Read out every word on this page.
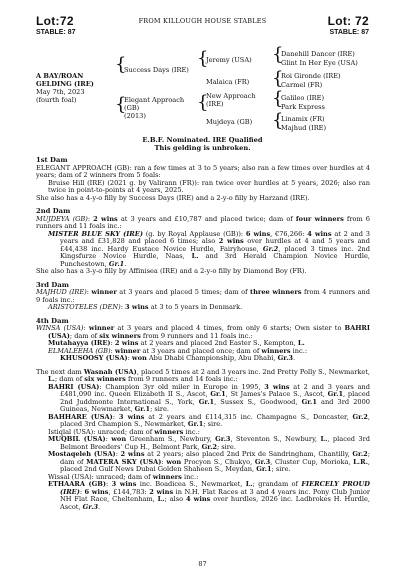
Lot:72	FROM KILLOUGH HOUSE STABLES	Lot: 72
STABLE: 87	STABLE: 87
A BAY/ROAN
GELDING (IRE)
May 7th, 2023
(fourth foal)
{
Success Days (IRE)
{
Elegant Approach
(GB)
(2013)
{
Jeremy (USA)
Malaica (FR)
{
New Approach
(IRE)
Mujdeya (GB)
{
{
{
{
Danehill Dancer (IRE)
Glint In Her Eye (USA)
Roi Gironde (IRE)
Carmel (FR)
Galileo (IRE)
Park Express
Linamix (FR)
Majhud (IRE)
E.B.F. Nominated. IRE Qualified
This gelding is unbroken.
1st Dam

ELEGANT APPROACH (GB): ran a few times at 3 to 5 years; also ran a few times over hurdles at 4 years; dam of 2 winners from 5 foals:

Bruise Hill (IRE) (2021 g. by Valirann (FR)): ran twice over hurdles at 5 years, 2026; also ran twice in point-to-points at 4 years, 2025.

She also has a 4-y-o filly by Success Days (IRE) and a 2-y-o filly by Harzand (IRE).

2nd Dam

MUJDEYA (GB): 2 wins at 3 years and £10,787 and placed twice; dam of four winners from 6 runners and 11 foals inc.:

MISTER BLUE SKY (IRE) (g. by Royal Applause (GB)): 6 wins, €76,266: 4 wins at 2 and 3 years and £31,828 and placed 6 times; also 2 wins over hurdles at 4 and 5 years and £44,438 inc. Hardy Eustace Novice Hurdle, Fairyhouse, Gr.2, placed 3 times inc. 2nd Kingsfurze Novice Hurdle, Naas, L. and 3rd Herald Champion Novice Hurdle, Punchestown, Gr.1.

She also has a 3-y-o filly by Affinisea (IRE) and a 2-y-o filly by Diamond Boy (FR).

3rd Dam

MAJHUD (IRE): winner at 3 years and placed 5 times; dam of three winners from 4 runners and 9 foals inc.:

ARISTOTELES (DEN): 3 wins at 3 to 5 years in Denmark.

4th Dam

WINSA (USA): winner at 3 years and placed 4 times, from only 6 starts; Own sister to BAHRI (USA); dam of six winners from 9 runners and 11 foals inc.:

Mutahayya (IRE): 2 wins at 2 years and placed 2nd Easter S., Kempton, L.

ELMALEEHA (GB): winner at 3 years and placed once; dam of winners inc.:

KHUSOOSY (USA): won Abu Dhabi Championship, Abu Dhabi, Gr.3.

The next dam Wasnah (USA), placed 5 times at 2 and 3 years inc. 2nd Pretty Polly S., Newmarket, L.; dam of six winners from 9 runners and 14 foals inc.:

BAHRI (USA): Champion 3yr old miler in Europe in 1995, 3 wins at 2 and 3 years and £481,090 inc. Queen Elizabeth II S., Ascot, Gr.1, St James's Palace S., Ascot, Gr.1, placed 2nd Juddmonte International S., York, Gr.1, Sussex S., Goodwood, Gr.1 and 3rd 2000 Guineas, Newmarket, Gr.1; sire.

BAHHARE (USA): 3 wins at 2 years and £114,315 inc. Champagne S., Doncaster, Gr.2, placed 3rd Champion S., Newmarket, Gr.1; sire.

Istiqlal (USA): unraced; dam of winners inc.:

MUQBIL (USA): won Greenham S., Newbury, Gr.3, Steventon S., Newbury, L., placed 3rd Belmont Breeders' Cup H., Belmont Park, Gr.2; sire.

Mostaqeleh (USA): 2 wins at 2 years; also placed 2nd Prix de Sandringham, Chantilly, Gr.2; dam of MATERA SKY (USA): won Procyon S., Chukyo, Gr.3, Cluster Cup, Morioka, L.R., placed 2nd Gulf News Dubai Golden Shaheen S., Meydan, Gr.1; sire.

Wissal (USA): unraced; dam of winners inc.:

ETHAARA (GB): 3 wins inc. Boadicea S., Newmarket, L.; grandam of FIERCELY PROUD (IRE): 6 wins, £144,783: 2 wins in N.H. Flat Races at 3 and 4 years inc. Pony Club Junior NH Flat Race, Cheltenham, L.; also 4 wins over hurdles, 2026 inc. Ladbrokes H. Hurdle, Ascot, Gr.3.

87
